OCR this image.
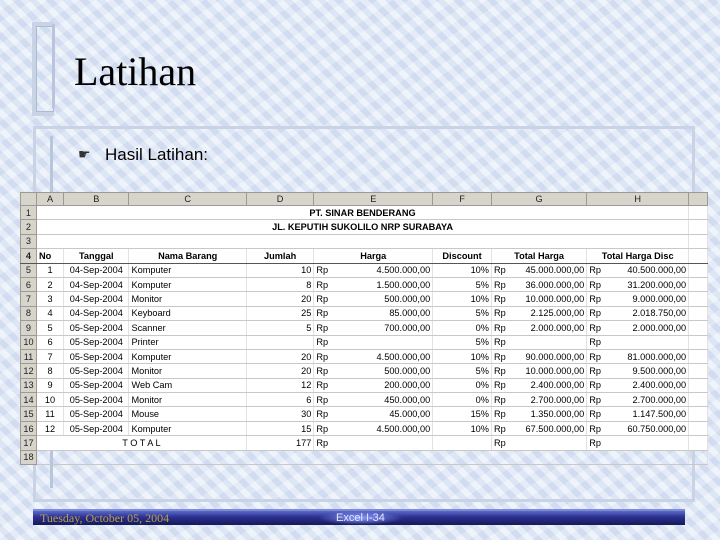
Latihan
☛ Hasil Latihan:
	A	B	C	D	E	F	G	H	
1	PT. SINAR BENDERANG								
2	JL. KEPUTIH SUKOLILO NRP SURABAYA								
3									
4	No	Tanggal	Nama Barang	Jumlah	Harga	Discount	Total Harga	Total Harga Disc	
5	1	04-Sep-2004	Komputer	10	Rp 4.500.000,00	10%	Rp 45.000.000,00	Rp 40.500.000,00	

6	2	04-Sep-2004	Komputer	8	Rp 1.500.000,00	5%	Rp 36.000.000,00	Rp 31.200.000,00	

7	3	04-Sep-2004	Monitor	20	Rp 500.000,00	10%	Rp 10.000.000,00	Rp 9.000.000,00	

8	4	04-Sep-2004	Keyboard	25	Rp 85.000,00	5%	Rp 2.125.000,00	Rp 2.018.750,00	

9	5	05-Sep-2004	Scanner	5	Rp 700.000,00	0%	Rp 2.000.000,00	Rp 2.000.000,00	

10	6	05-Sep-2004	Printer		Rp	5%	Rp	Rp	

11	7	05-Sep-2004	Komputer	20	Rp 4.500.000,00	10%	Rp 90.000.000,00	Rp 81.000.000,00	

12	8	05-Sep-2004	Monitor	20	Rp 500.000,00	5%	Rp 10.000.000,00	Rp 9.500.000,00	

13	9	05-Sep-2004	Web Cam	12	Rp 200.000,00	0%	Rp 2.400.000,00	Rp 2.400.000,00	

14	10	05-Sep-2004	Monitor	6	Rp 450.000,00	0%	Rp 2.700.000,00	Rp 2.700.000,00	

15	11	05-Sep-2004	Mouse	30	Rp 45.000,00	15%	Rp 1.350.000,00	Rp 1.147.500,00	

16	12	05-Sep-2004	Komputer	15	Rp 4.500.000,00	10%	Rp 67.500.000,00	Rp 60.750.000,00	

17	T O T A L			177	Rp		Rp	Rp	

18									
Tuesday, October 05, 2004	Excel I-34
